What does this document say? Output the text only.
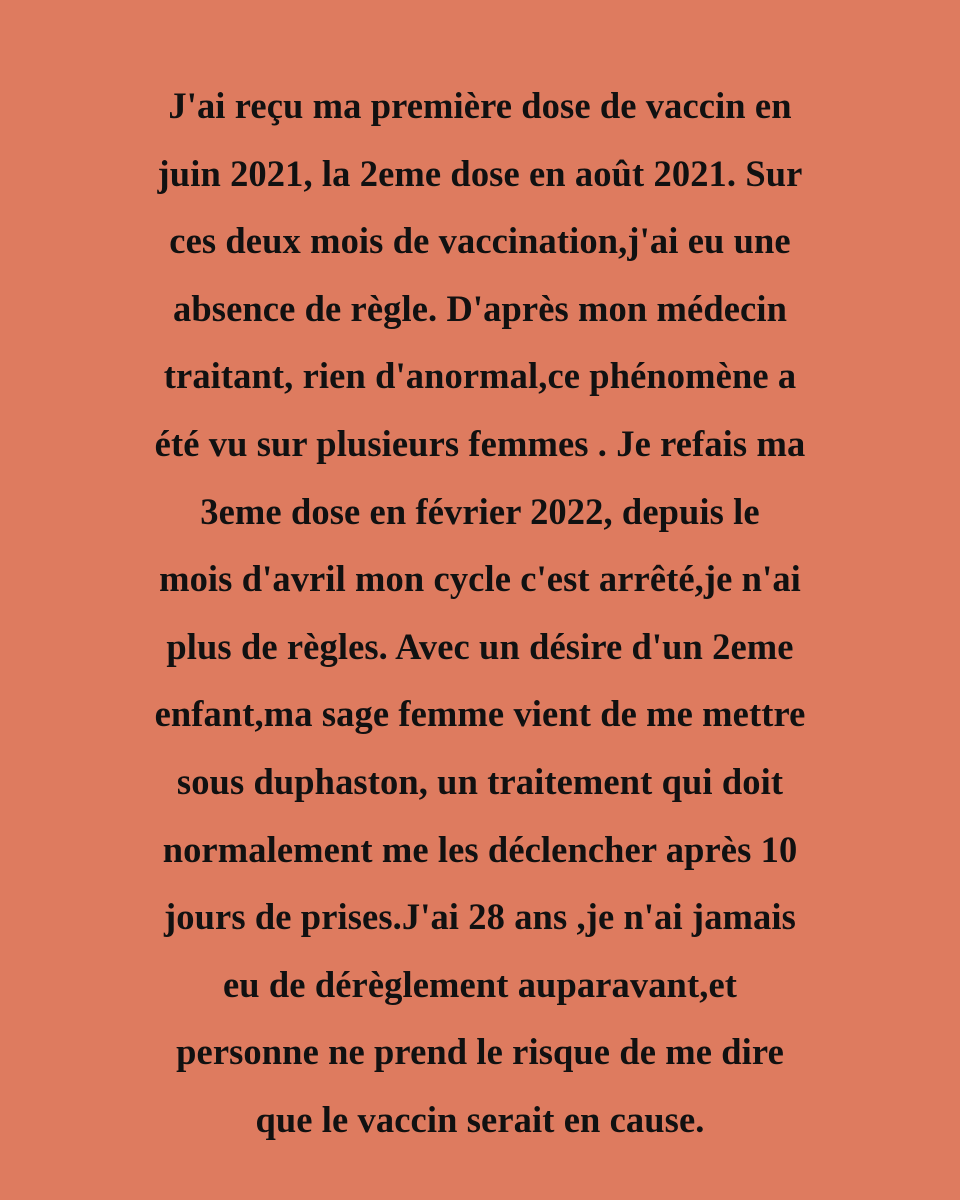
J'ai reçu ma première dose de vaccin en
juin 2021, la 2eme dose en août 2021. Sur
ces deux mois de vaccination,j'ai eu une
absence de règle. D'après mon médecin
traitant, rien d'anormal,ce phénomène a
été vu sur plusieurs femmes . Je refais ma
3eme dose en février 2022, depuis le
mois d'avril mon cycle c'est arrêté,je n'ai
plus de règles. Avec un désire d'un 2eme
enfant,ma sage femme vient de me mettre
sous duphaston, un traitement qui doit
normalement me les déclencher après 10
jours de prises.J'ai 28 ans ,je n'ai jamais
eu de dérèglement auparavant,et
personne ne prend le risque de me dire
que le vaccin serait en cause.
